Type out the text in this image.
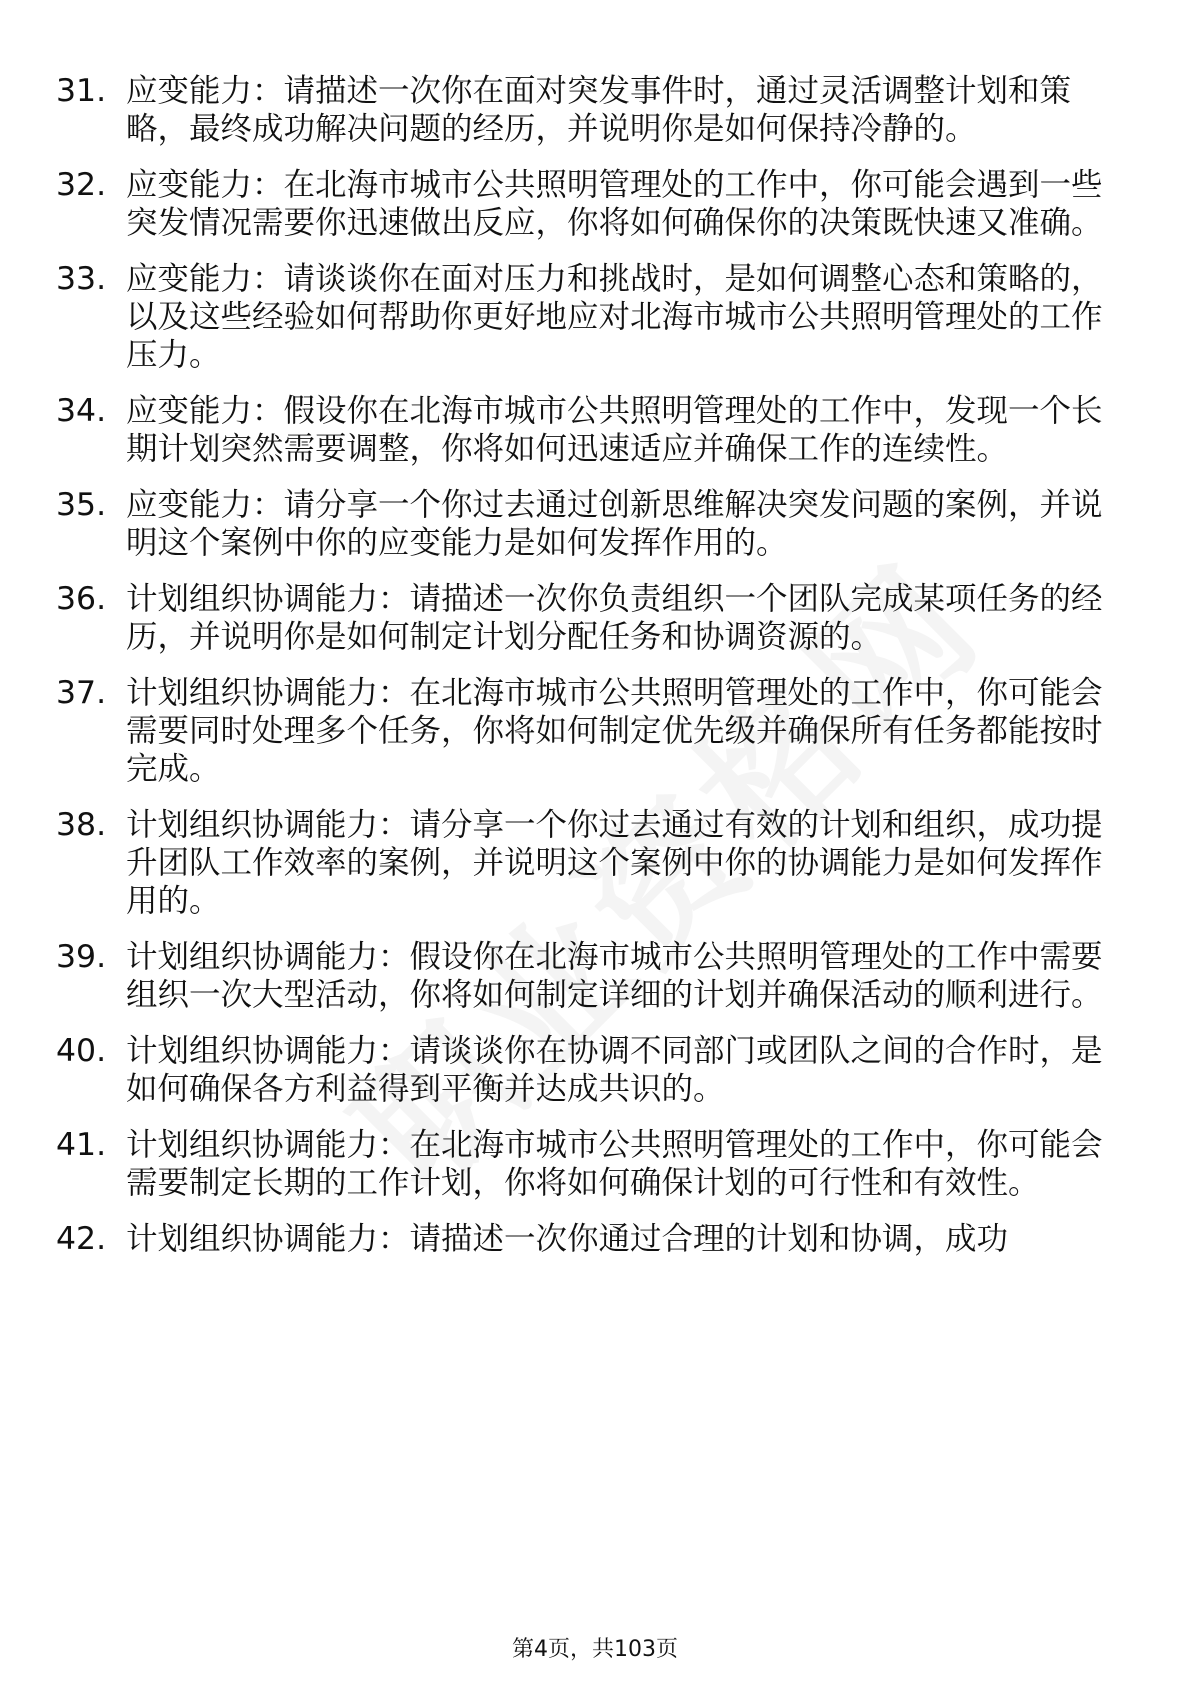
31. 应变能力：请描述一次你在面对突发事件时，通过灵活调整计划和策略，最终成功解决问题的经历，并说明你是如何保持冷静的。
32. 应变能力：在北海市城市公共照明管理处的工作中，你可能会遇到一些突发情况需要你迅速做出反应，你将如何确保你的决策既快速又准确。
33. 应变能力：请谈谈你在面对压力和挑战时，是如何调整心态和策略的，以及这些经验如何帮助你更好地应对北海市城市公共照明管理处的工作压力。
34. 应变能力：假设你在北海市城市公共照明管理处的工作中，发现一个长期计划突然需要调整，你将如何迅速适应并确保工作的连续性。
35. 应变能力：请分享一个你过去通过创新思维解决突发问题的案例，并说明这个案例中你的应变能力是如何发挥作用的。
36. 计划组织协调能力：请描述一次你负责组织一个团队完成某项任务的经历，并说明你是如何制定计划分配任务和协调资源的。
37. 计划组织协调能力：在北海市城市公共照明管理处的工作中，你可能会需要同时处理多个任务，你将如何制定优先级并确保所有任务都能按时完成。
38. 计划组织协调能力：请分享一个你过去通过有效的计划和组织，成功提升团队工作效率的案例，并说明这个案例中你的协调能力是如何发挥作用的。
39. 计划组织协调能力：假设你在北海市城市公共照明管理处的工作中需要组织一次大型活动，你将如何制定详细的计划并确保活动的顺利进行。
40. 计划组织协调能力：请谈谈你在协调不同部门或团队之间的合作时，是如何确保各方利益得到平衡并达成共识的。
41. 计划组织协调能力：在北海市城市公共照明管理处的工作中，你可能会需要制定长期的工作计划，你将如何确保计划的可行性和有效性。
42. 计划组织协调能力：请描述一次你通过合理的计划和协调，成功
第4页，共103页
